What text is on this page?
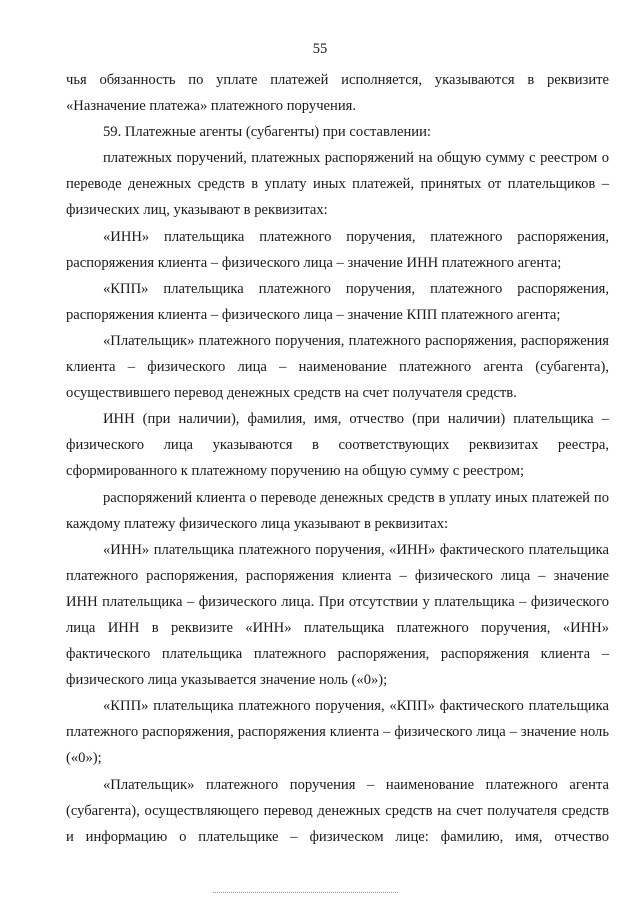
55

чья обязанность по уплате платежей исполняется, указываются в реквизите «Назначение платежа» платежного поручения.

59. Платежные агенты (субагенты) при составлении:

платежных поручений, платежных распоряжений на общую сумму с реестром о переводе денежных средств в уплату иных платежей, принятых от плательщиков – физических лиц, указывают в реквизитах:

«ИНН» плательщика платежного поручения, платежного распоряжения, распоряжения клиента – физического лица – значение ИНН платежного агента;

«КПП» плательщика платежного поручения, платежного распоряжения, распоряжения клиента – физического лица – значение КПП платежного агента;

«Плательщик» платежного поручения, платежного распоряжения, распоряжения клиента – физического лица – наименование платежного агента (субагента), осуществившего перевод денежных средств на счет получателя средств.

ИНН (при наличии), фамилия, имя, отчество (при наличии) плательщика – физического лица указываются в соответствующих реквизитах реестра, сформированного к платежному поручению на общую сумму с реестром;

распоряжений клиента о переводе денежных средств в уплату иных платежей по каждому платежу физического лица указывают в реквизитах:

«ИНН» плательщика платежного поручения, «ИНН» фактического плательщика платежного распоряжения, распоряжения клиента – физического лица – значение ИНН плательщика – физического лица. При отсутствии у плательщика – физического лица ИНН в реквизите «ИНН» плательщика платежного поручения, «ИНН» фактического плательщика платежного распоряжения, распоряжения клиента – физического лица указывается значение ноль («0»);

«КПП» плательщика платежного поручения, «КПП» фактического плательщика платежного распоряжения, распоряжения клиента – физического лица – значение ноль («0»);

«Плательщик» платежного поручения – наименование платежного агента (субагента), осуществляющего перевод денежных средств на счет получателя средств и информацию о плательщике – физическом лице: фамилию, имя, отчество
